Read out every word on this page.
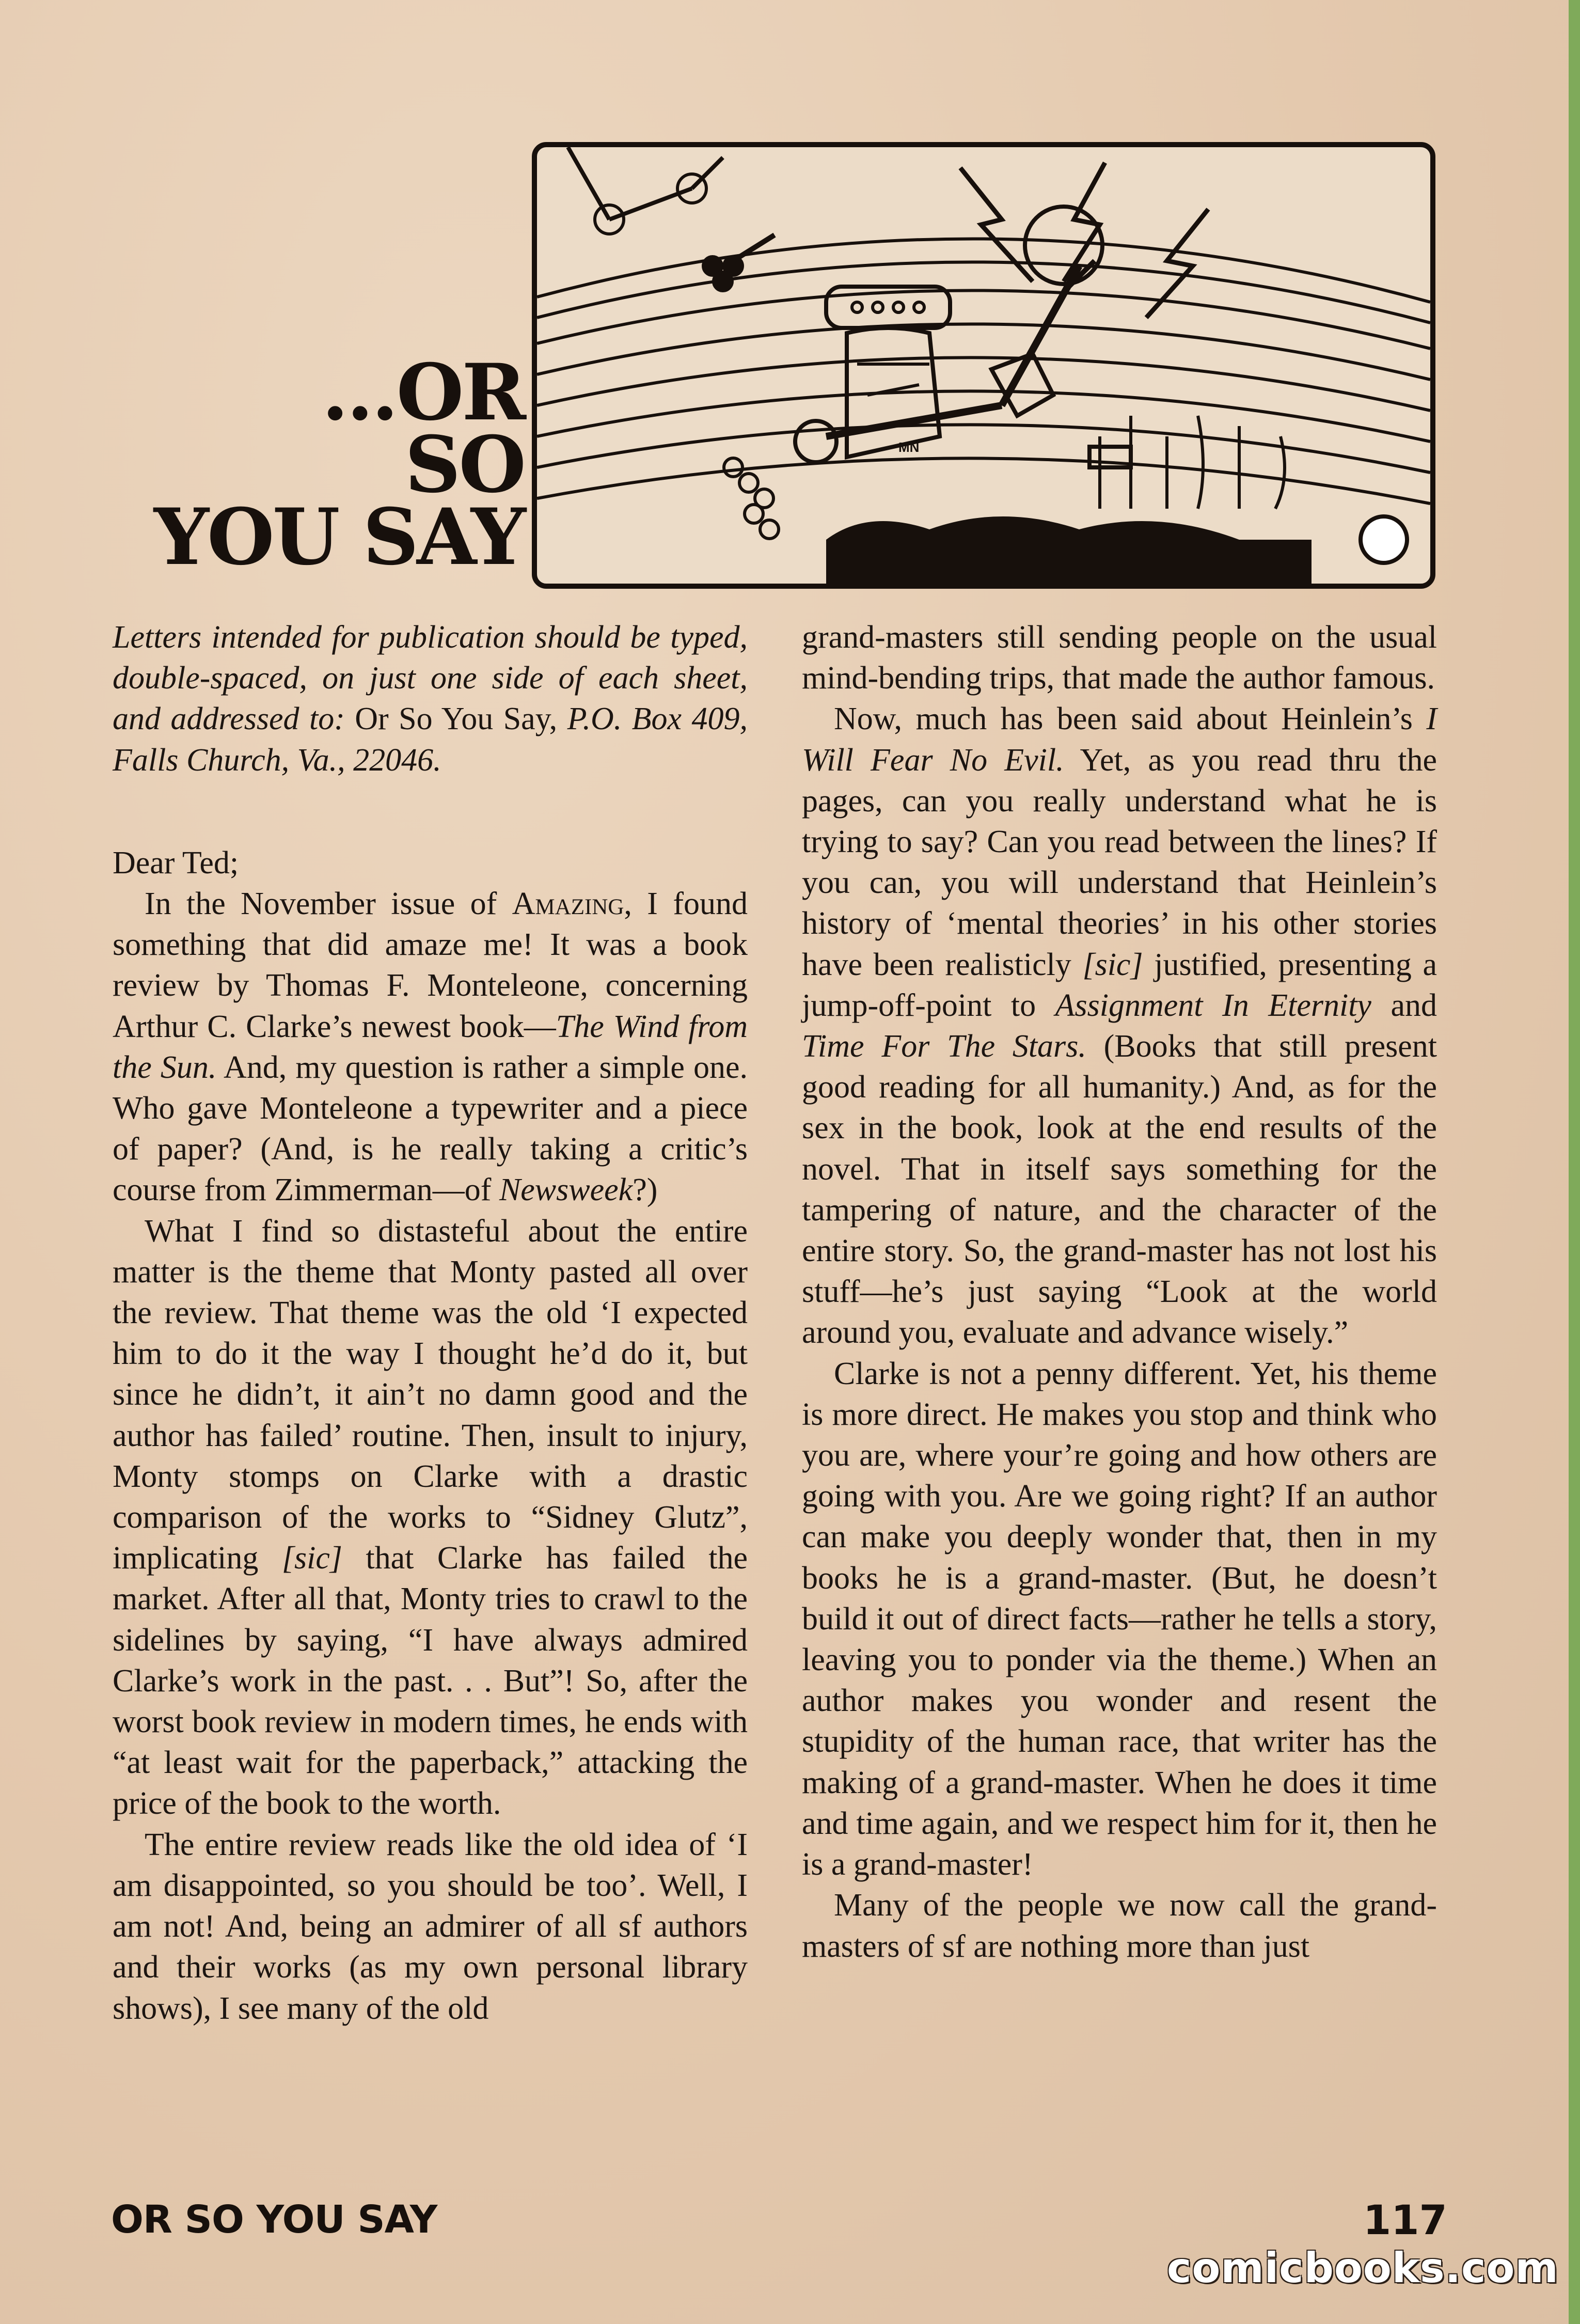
...OR
SO
YOU SAY
MN

Letters intended for publication should be typed, double-spaced, on just one side of each sheet, and addressed to: Or So You Say, P.O. Box 409, Falls Church, Va., 22046.

Dear Ted;

In the November issue of Amazing, I found something that did amaze me! It was a book review by Thomas F. Monteleone, concerning Arthur C. Clarke’s newest book—The Wind from the Sun. And, my question is rather a simple one. Who gave Monteleone a typewriter and a piece of paper? (And, is he really taking a critic’s course from Zimmerman—of Newsweek?)

What I find so distasteful about the entire matter is the theme that Monty pasted all over the review. That theme was the old ‘I expected him to do it the way I thought he’d do it, but since he didn’t, it ain’t no damn good and the author has failed’ routine. Then, insult to injury, Monty stomps on Clarke with a drastic comparison of the works to “Sidney Glutz”, implicating [sic] that Clarke has failed the market. After all that, Monty tries to crawl to the sidelines by saying, “I have always admired Clarke’s work in the past. . . But”! So, after the worst book review in modern times, he ends with “at least wait for the paperback,” attacking the price of the book to the worth.

The entire review reads like the old idea of ‘I am disappointed, so you should be too’. Well, I am not! And, being an admirer of all sf authors and their works (as my own personal library shows), I see many of the old

grand-masters still sending people on the usual mind-bending trips, that made the author famous.

Now, much has been said about Heinlein’s I Will Fear No Evil. Yet, as you read thru the pages, can you really understand what he is trying to say? Can you read between the lines? If you can, you will understand that Heinlein’s history of ‘mental theories’ in his other stories have been realisticly [sic] justified, presenting a jump-off-point to Assignment In Eternity and Time For The Stars. (Books that still present good reading for all humanity.) And, as for the sex in the book, look at the end results of the novel. That in itself says something for the tampering of nature, and the character of the entire story. So, the grand-master has not lost his stuff—he’s just saying “Look at the world around you, evaluate and advance wisely.”

Clarke is not a penny different. Yet, his theme is more direct. He makes you stop and think who you are, where your’re going and how others are going with you. Are we going right? If an author can make you deeply wonder that, then in my books he is a grand-master. (But, he doesn’t build it out of direct facts—rather he tells a story, leaving you to ponder via the theme.) When an author makes you wonder and resent the stupidity of the human race, that writer has the making of a grand-master. When he does it time and time again, and we respect him for it, then he is a grand-master!

Many of the people we now call the grand-masters of sf are nothing more than just

OR SO YOU SAY	117
comicbooks.com
